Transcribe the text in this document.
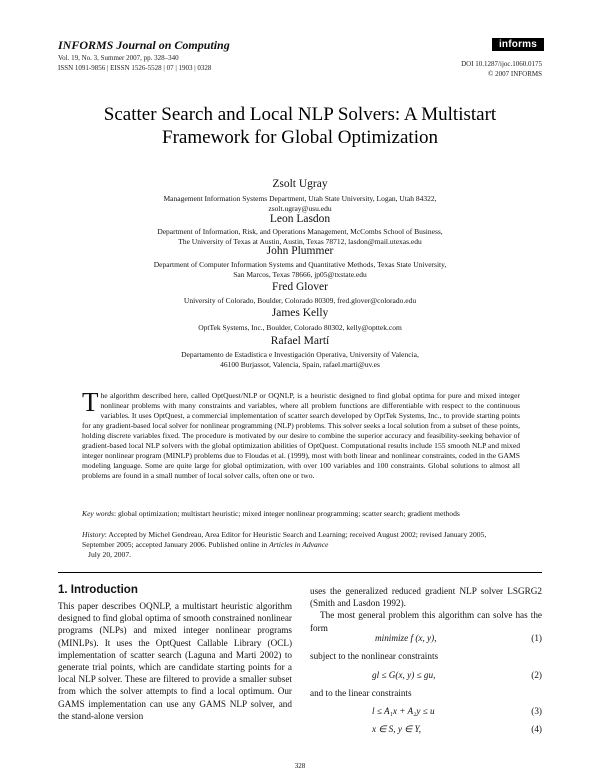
INFORMS Journal on Computing
Vol. 19, No. 3, Summer 2007, pp. 328–340
ISSN 1091-9856 | EISSN 1526-5528 | 07 | 1903 | 0328
informs
DOI 10.1287/ijoc.1060.0175
© 2007 INFORMS
Scatter Search and Local NLP Solvers: A Multistart
Framework for Global Optimization
Zsolt Ugray
Management Information Systems Department, Utah State University, Logan, Utah 84322,
zsolt.ugray@usu.edu
Leon Lasdon
Department of Information, Risk, and Operations Management, McCombs School of Business,
The University of Texas at Austin, Austin, Texas 78712, lasdon@mail.utexas.edu
John Plummer
Department of Computer Information Systems and Quantitative Methods, Texas State University,
San Marcos, Texas 78666, jp05@txstate.edu
Fred Glover
University of Colorado, Boulder, Colorado 80309, fred.glover@colorado.edu
James Kelly
OptTek Systems, Inc., Boulder, Colorado 80302, kelly@opttek.com
Rafael Martí
Departamento de Estadística e Investigación Operativa, University of Valencia,
46100 Burjassot, Valencia, Spain, rafael.marti@uv.es
The algorithm described here, called OptQuest/NLP or OQNLP, is a heuristic designed to find global optima for pure and mixed integer nonlinear problems with many constraints and variables, where all problem functions are differentiable with respect to the continuous variables. It uses OptQuest, a commercial implementation of scatter search developed by OptTek Systems, Inc., to provide starting points for any gradient-based local solver for nonlinear programming (NLP) problems. This solver seeks a local solution from a subset of these points, holding discrete variables fixed. The procedure is motivated by our desire to combine the superior accuracy and feasibility-seeking behavior of gradient-based local NLP solvers with the global optimization abilities of OptQuest. Computational results include 155 smooth NLP and mixed integer nonlinear program (MINLP) problems due to Floudas et al. (1999), most with both linear and nonlinear constraints, coded in the GAMS modeling language. Some are quite large for global optimization, with over 100 variables and 100 constraints. Global solutions to almost all problems are found in a small number of local solver calls, often one or two.
Key words: global optimization; multistart heuristic; mixed integer nonlinear programming; scatter search; gradient methods
History: Accepted by Michel Gendreau, Area Editor for Heuristic Search and Learning; received August 2002; revised January 2005, September 2005; accepted January 2006. Published online in Articles in Advance
July 20, 2007.
1. Introduction
This paper describes OQNLP, a multistart heuristic algorithm designed to find global optima of smooth constrained nonlinear programs (NLPs) and mixed integer nonlinear programs (MINLPs). It uses the OptQuest Callable Library (OCL) implementation of scatter search (Laguna and Marti 2002) to generate trial points, which are candidate starting points for a local NLP solver. These are filtered to provide a smaller subset from which the solver attempts to find a local optimum. Our GAMS implementation can use any GAMS NLP solver, and the stand-alone version
uses the generalized reduced gradient NLP solver LSGRG2 (Smith and Lasdon 1992).
The most general problem this algorithm can solve has the form
minimize f (x, y),	(1)
subject to the nonlinear constraints
gl ≤ G(x, y) ≤ gu,	(2)
and to the linear constraints
l ≤ A₁x + A₂y ≤ u	(3)
x ∈ S, y ∈ Y,	(4)
328
